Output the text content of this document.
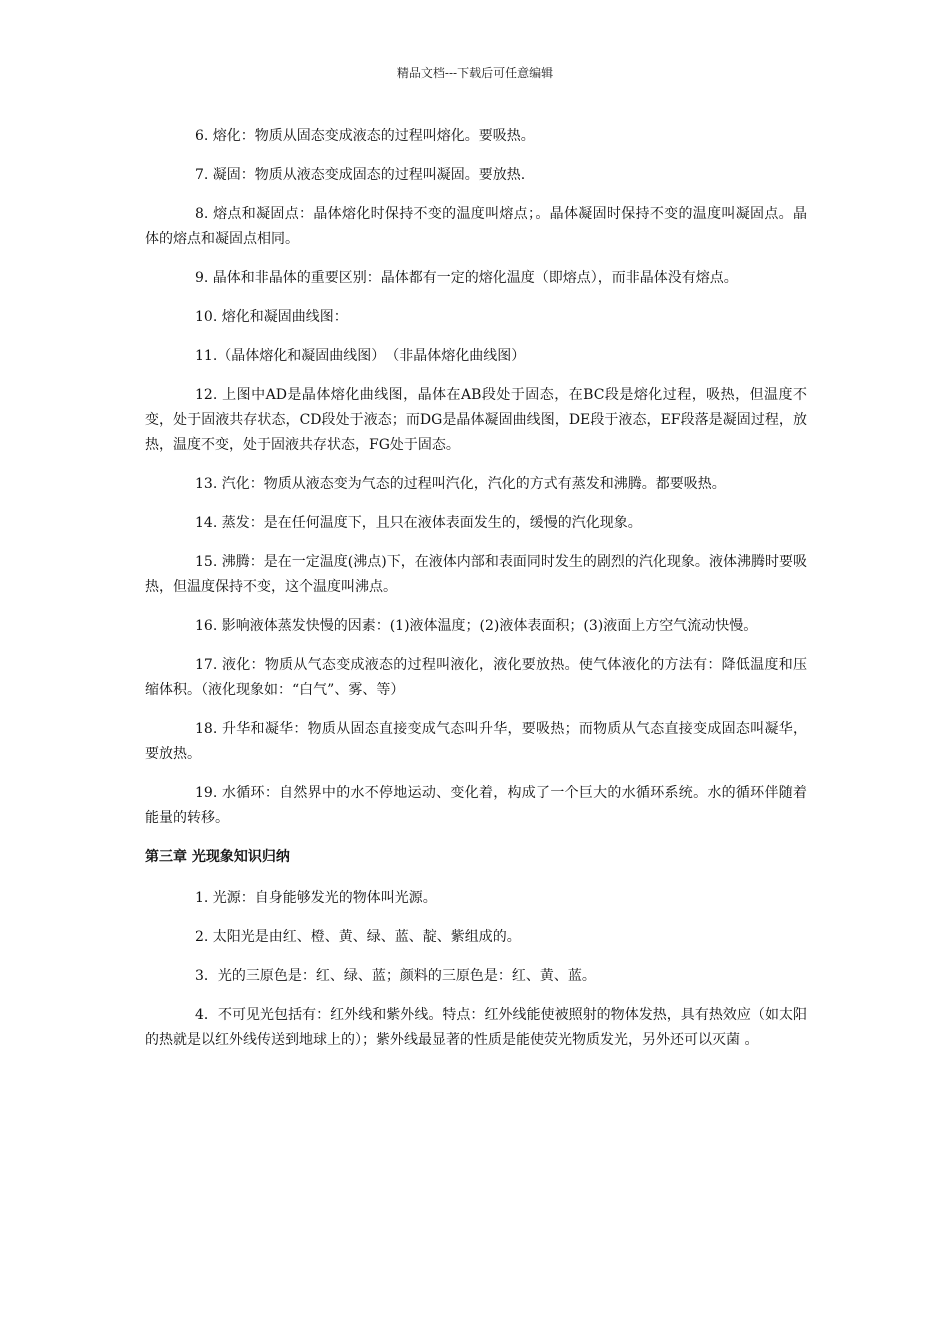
精品文档---下载后可任意编辑

6. 熔化：物质从固态变成液态的过程叫熔化。要吸热。

7. 凝固：物质从液态变成固态的过程叫凝固。要放热.

8. 熔点和凝固点：晶体熔化时保持不变的温度叫熔点；。晶体凝固时保持不变的温度叫凝固点。晶体的熔点和凝固点相同。

9. 晶体和非晶体的重要区别：晶体都有一定的熔化温度（即熔点），而非晶体没有熔点。

10. 熔化和凝固曲线图：

11.（晶体熔化和凝固曲线图）　（非晶体熔化曲线图）

12. 上图中AD是晶体熔化曲线图，晶体在AB段处于固态，在BC段是熔化过程，吸热，但温度不变，处于固液共存状态，CD段处于液态；而DG是晶体凝固曲线图，DE段于液态，EF段落是凝固过程，放热，温度不变，处于固液共存状态，FG处于固态。

13. 汽化：物质从液态变为气态的过程叫汽化，汽化的方式有蒸发和沸腾。都要吸热。

14. 蒸发：是在任何温度下，且只在液体表面发生的，缓慢的汽化现象。

15. 沸腾：是在一定温度(沸点)下，在液体内部和表面同时发生的剧烈的汽化现象。液体沸腾时要吸热，但温度保持不变，这个温度叫沸点。

16. 影响液体蒸发快慢的因素：(1)液体温度；(2)液体表面积；(3)液面上方空气流动快慢。

17. 液化：物质从气态变成液态的过程叫液化，液化要放热。使气体液化的方法有：降低温度和压缩体积。（液化现象如：“白气”、雾、等）

18. 升华和凝华：物质从固态直接变成气态叫升华，要吸热；而物质从气态直接变成固态叫凝华，要放热。

19. 水循环：自然界中的水不停地运动、变化着，构成了一个巨大的水循环系统。水的循环伴随着能量的转移。

第三章 光现象知识归纳

1. 光源：自身能够发光的物体叫光源。

2. 太阳光是由红、橙、黄、绿、蓝、靛、紫组成的。

3．光的三原色是：红、绿、蓝；颜料的三原色是：红、黄、蓝。

4．不可见光包括有：红外线和紫外线。特点：红外线能使被照射的物体发热，具有热效应（如太阳的热就是以红外线传送到地球上的）；紫外线最显著的性质是能使荧光物质发光，另外还可以灭菌 。
